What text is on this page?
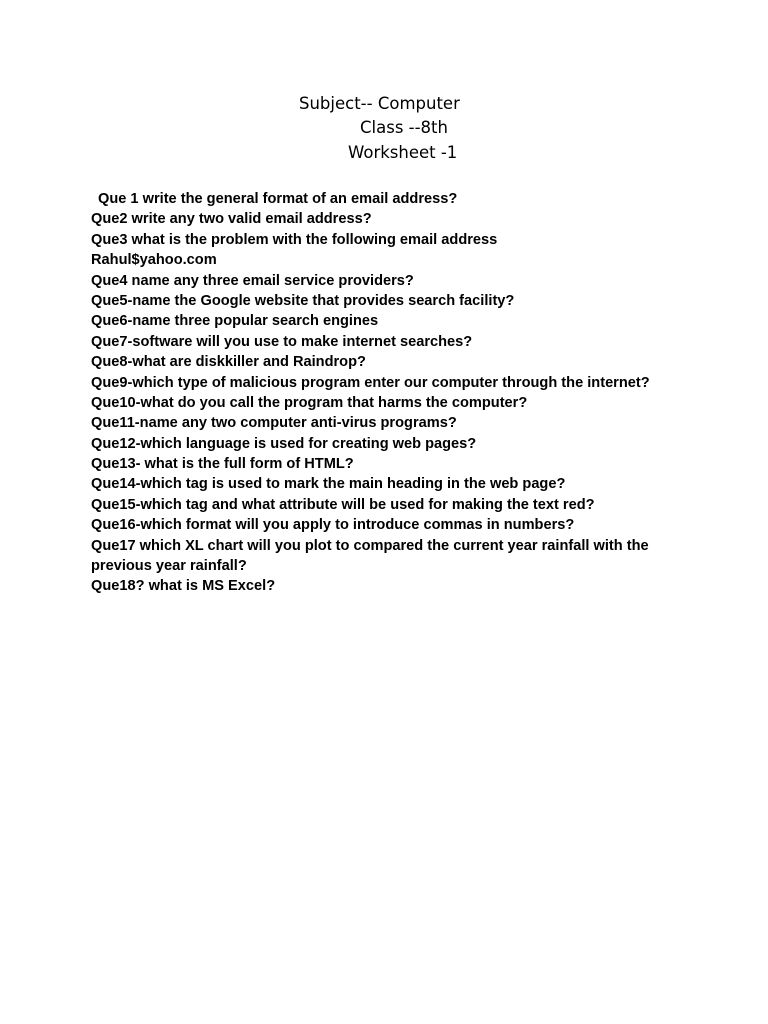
Subject-- Computer
Class --8th
Worksheet -1
Que 1 write the general format of an email address?
Que2 write any two valid email address?
Que3 what is the problem with the following email address
Rahul$yahoo.com
Que4 name any three email service providers?
Que5-name the Google website that provides search facility?
Que6-name three popular search engines
Que7-software will you use to make internet searches?
Que8-what are diskkiller and Raindrop?
Que9-which type of malicious program enter our computer through the internet?
Que10-what do you call the program that harms the computer?
Que11-name any two computer anti-virus programs?
Que12-which language is used for creating web pages?
Que13- what is the full form of HTML?
Que14-which tag is used to mark the main heading in the web page?
Que15-which tag and what attribute will be used for making the text red?
Que16-which format will you apply to introduce commas in numbers?
Que17 which XL chart will you plot to compared the current year rainfall with the
previous year rainfall?
Que18? what is MS Excel?
